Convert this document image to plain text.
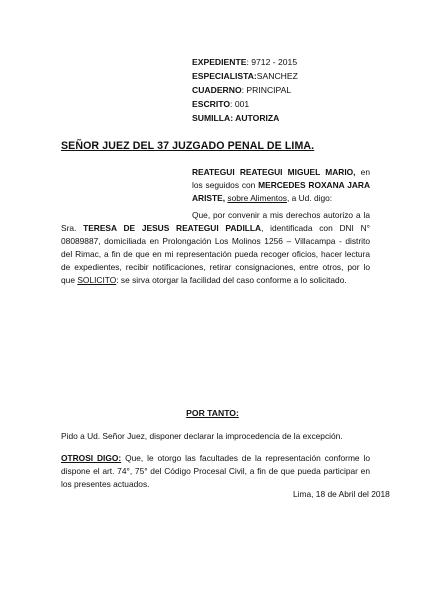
EXPEDIENTE: 9712 - 2015
ESPECIALISTA:SANCHEZ
CUADERNO: PRINCIPAL
ESCRITO: 001
SUMILLA: AUTORIZA
SEÑOR JUEZ DEL 37 JUZGADO PENAL DE LIMA.
REATEGUI REATEGUI MIGUEL MARIO, en los seguidos con MERCEDES ROXANA JARA ARISTE, sobre Alimentos, a Ud. digo:
Que, por convenir a mis derechos autorizo a la
Sra. TERESA DE JESUS REATEGUI PADILLA, identificada con DNI N° 08089887, domiciliada en Prolongación Los Molinos 1256 – Villacampa - distrito del Rimac, a fin de que en mi representación pueda recoger oficios, hacer lectura de expedientes, recibir notificaciones, retirar consignaciones, entre otros, por lo que SOLICITO: se sirva otorgar la facilidad del caso conforme a lo solicitado.
POR TANTO:
Pido a Ud. Señor Juez, disponer declarar la improcedencia de la excepción.
OTROSI DIGO: Que, le otorgo las facultades de la representación conforme lo dispone el art. 74°, 75° del Código Procesal Civil, a fin de que pueda participar en los presentes actuados.
Lima, 18 de Abril del 2018
